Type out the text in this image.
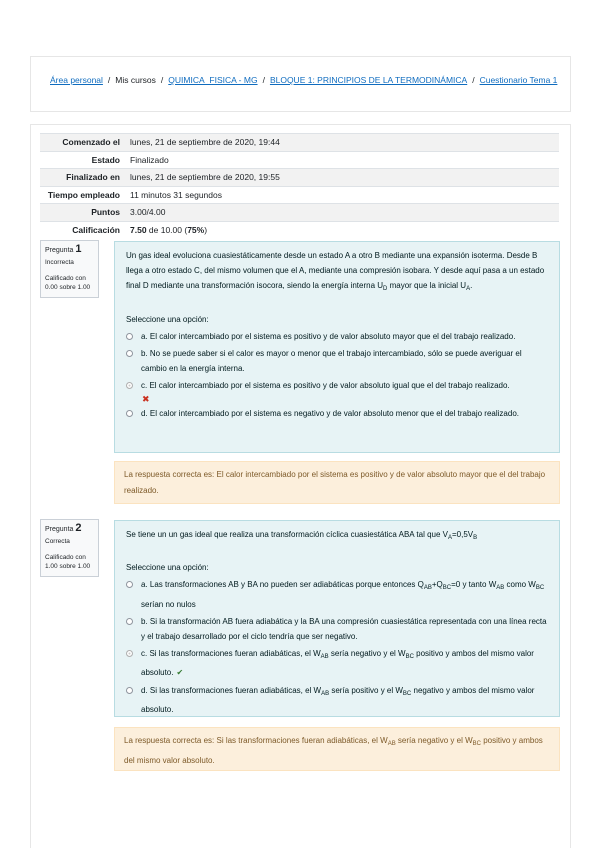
Área personal / Mis cursos / QUIMICA_FISICA - MG / BLOQUE 1: PRINCIPIOS DE LA TERMODINÁMICA / Cuestionario Tema 1
Comenzado el	lunes, 21 de septiembre de 2020, 19:44
Estado	Finalizado
Finalizado en	lunes, 21 de septiembre de 2020, 19:55
Tiempo empleado	11 minutos 31 segundos
Puntos	3.00/4.00
Calificación	7.50 de 10.00 (75%)
Pregunta 1
Incorrecta
Calificado con 0.00 sobre 1.00
Un gas ideal evoluciona cuasiestáticamente desde un estado A a otro B mediante una expansión isoterma. Desde B llega a otro estado C, del mismo volumen que el A, mediante una compresión isobara. Y desde aquí pasa a un estado final D mediante una transformación isocora, siendo la energía interna $U_D$ mayor que la inicial $U_A$.
Seleccione una opción:
a. El calor intercambiado por el sistema es positivo y de valor absoluto mayor que el del trabajo realizado.
b. No se puede saber si el calor es mayor o menor que el trabajo intercambiado, sólo se puede averiguar el cambio en la energía interna.
c. El calor intercambiado por el sistema es positivo y de valor absoluto igual que el del trabajo realizado.
✖
d. El calor intercambiado por el sistema es negativo y de valor absoluto menor que el del trabajo realizado.
La respuesta correcta es: El calor intercambiado por el sistema es positivo y de valor absoluto mayor que el del trabajo realizado.
Pregunta 2
Correcta
Calificado con 1.00 sobre 1.00
Se tiene un un gas ideal que realiza una transformación cíclica cuasiestática ABA tal que $V_A=0,5V_B$
Seleccione una opción:
a. Las transformaciones AB y BA no pueden ser adiabáticas porque entonces $Q_{AB}+Q_{BC}=0$ y tanto $W_{AB}$ como $W_{BC}$ serían no nulos
b. Si la transformación AB fuera adiabática y la BA una compresión cuasiestática representada con una línea recta y el trabajo desarrollado por el ciclo tendría que ser negativo.
c. Si las transformaciones fueran adiabáticas, el $W_{AB}$ sería negativo y el $W_{BC}$ positivo y ambos del mismo valor absoluto. ✔
d. Si las transformaciones fueran adiabáticas, el $W_{AB}$ sería positivo y el $W_{BC}$ negativo y ambos del mismo valor absoluto.
La respuesta correcta es: Si las transformaciones fueran adiabáticas, el $W_{AB}$ sería negativo y el $W_{BC}$ positivo y ambos del mismo valor absoluto.
